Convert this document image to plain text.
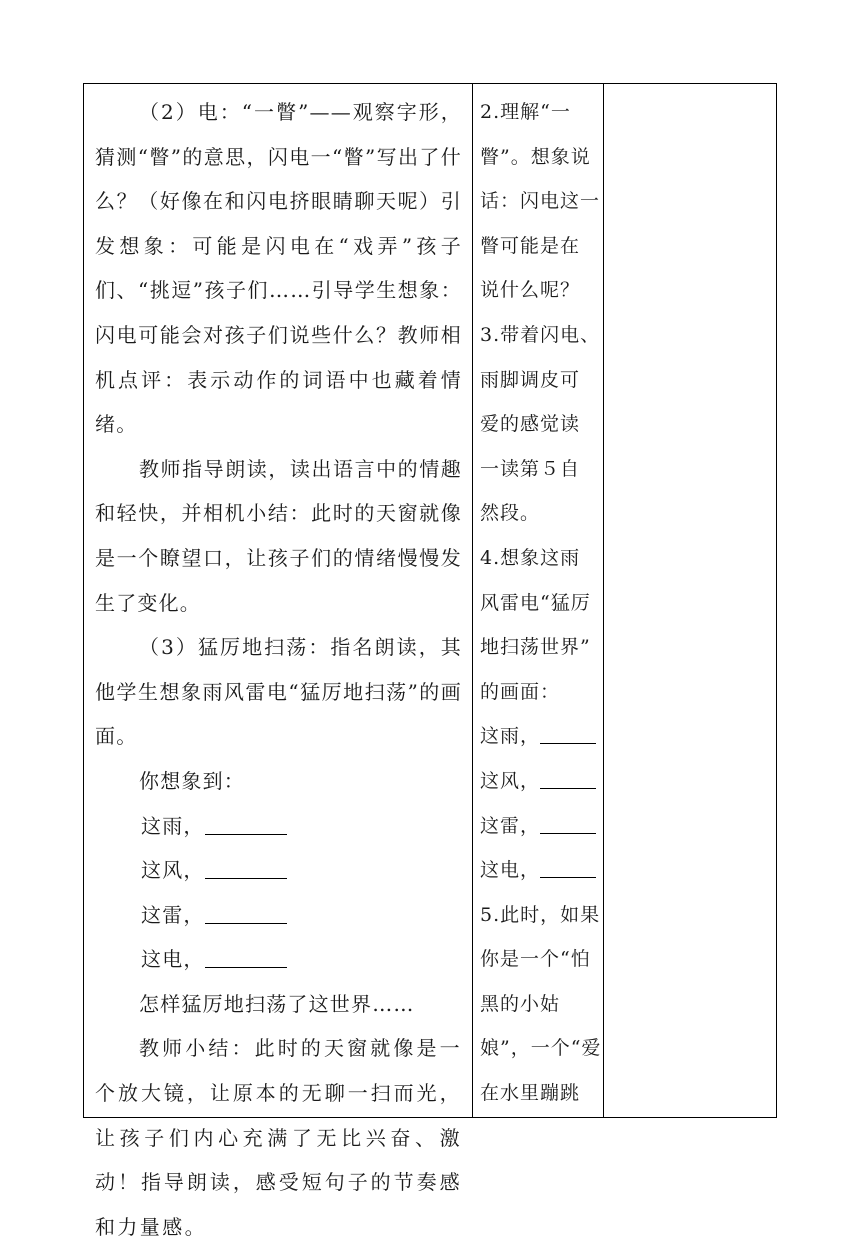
（2）电：“一瞥”——观察字形，猜测“瞥”的意思，闪电一“瞥”写出了什么？（好像在和闪电挤眼睛聊天呢）引发想象：可能是闪电在“戏弄”孩子们、“挑逗”孩子们……引导学生想象：闪电可能会对孩子们说些什么？教师相机点评：表示动作的词语中也藏着情绪。

教师指导朗读，读出语言中的情趣和轻快，并相机小结：此时的天窗就像是一个瞭望口，让孩子们的情绪慢慢发生了变化。

（3）猛厉地扫荡：指名朗读，其他学生想象雨风雷电“猛厉地扫荡”的画面。

你想象到：

这雨，

这风，

这雷，

这电，

怎样猛厉地扫荡了这世界……

教师小结：此时的天窗就像是一个放大镜，让原本的无聊一扫而光，让孩子们内心充满了无比兴奋、激动！指导朗读，感受短句子的节奏感和力量感。

2.理解“一

瞥”。想象说

话：闪电这一

瞥可能是在

说什么呢？

3.带着闪电、

雨脚调皮可

爱的感觉读

一读第５自

然段。

4.想象这雨

风雷电“猛厉

地扫荡世界”

的画面：

这雨，

这风，

这雷，

这电，

5.此时，如果

你是一个“怕

黑的小姑

娘”，一个“爱

在水里蹦跳
